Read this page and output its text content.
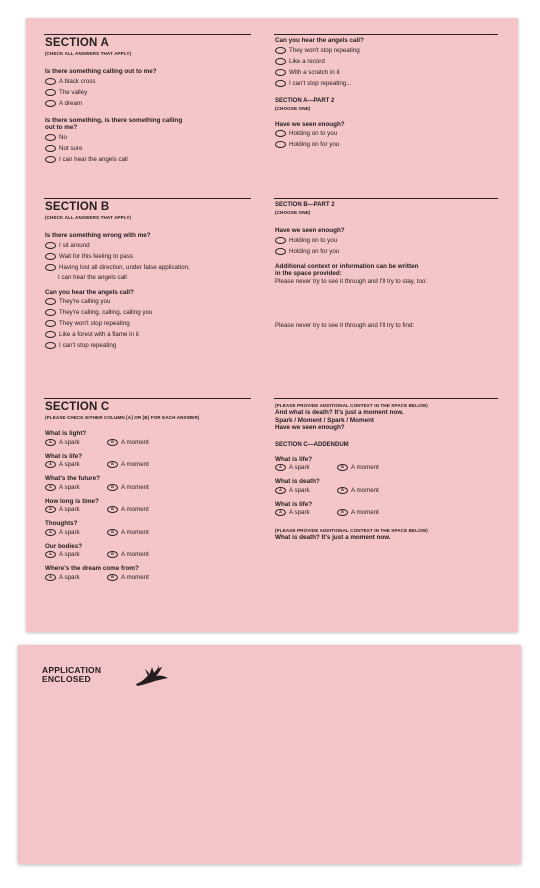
SECTION A
(CHECK ALL ANSWERS THAT APPLY)
Is there something calling out to me?
A black cross
The valley
A dream
Is there something, is there something calling
out to me?
No
Not sure
I can hear the angels call
Can you hear the angels call?
They won't stop repeating
Like a record
With a scratch in it
I can't stop repeating...
SECTION A—PART 2
(CHOOSE ONE)
Have we seen enough?
Holding on to you
Holding on for you
SECTION B
(CHECK ALL ANSWERS THAT APPLY)
Is there something wrong with me?
I sit around
Wait for this feeling to pass
Having lost all direction, under false application,
I can hear the angels call
Can you hear the angels call?
They're calling you
They're calling, calling, calling you
They won't stop repeating
Like a forest with a flame in it
I can't stop repeating
SECTION B—PART 2
(CHOOSE ONE)
Have we seen enough?
Holding on to you
Holding on for you
Additional context or information can be written
in the space provided:
Please never try to see it through and I'll try to stay, too:
Please never try to see it through and I'll try to find:
SECTION C
(PLEASE CHECK EITHER COLUMN [A] OR [B] FOR EACH ANSWER)
What is light?
A	A spark	B	A moment
What is life?
A	A spark	B	A moment
What's the future?
A	A spark	B	A moment
How long is time?
A	A spark	B	A moment
Thoughts?
A	A spark	B	A moment
Our bodies?
A	A spark	B	A moment
Where's the dream come from?
A	A spark	B	A moment
(PLEASE PROVIDE ADDITIONAL CONTEXT IN THE SPACE BELOW)
And what is death? It's just a moment now.
Spark / Moment / Spark / Moment
Have we seen enough?
SECTION C—ADDENDUM
What is life?
A	A spark	B	A moment
What is death?
A	A spark	B	A moment
What is life?
A	A spark	B	A moment
(PLEASE PROVIDE ADDITIONAL CONTEXT IN THE SPACE BELOW)
What is death? It's just a moment now.
APPLICATION
ENCLOSED
